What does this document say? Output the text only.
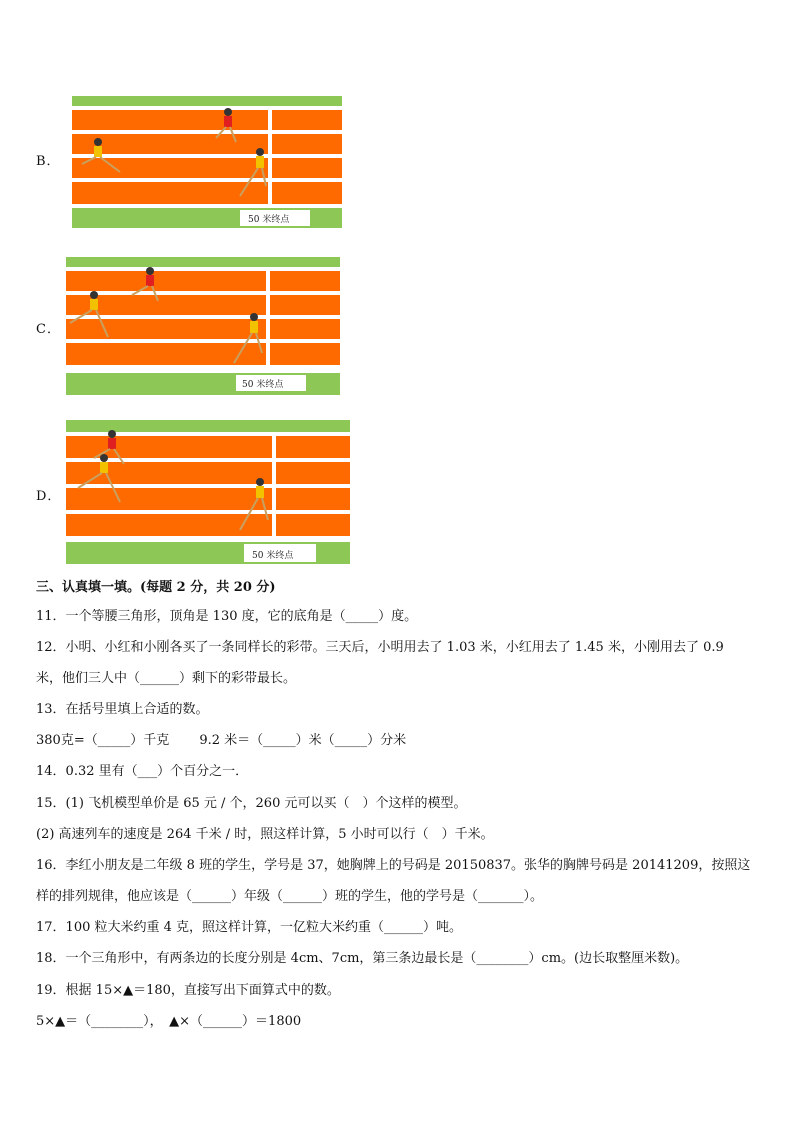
B．
50 米终点
C．
50 米终点
D．
50 米终点
三、认真填一填。(每题 2 分，共 20 分)
11．一个等腰三角形，顶角是 130 度，它的底角是（_____）度。
12．小明、小红和小刚各买了一条同样长的彩带。三天后，小明用去了 1.03 米，小红用去了 1.45 米，小刚用去了 0.9
米，他们三人中（______）剩下的彩带最长。
13．在括号里填上合适的数。
380克=（_____）千克　　 9.2 米＝（_____）米（_____）分米
14．0.32 里有（___）个百分之一．
15．(1) 飞机模型单价是 65 元 / 个，260 元可以买（　）个这样的模型。
(2) 高速列车的速度是 264 千米 / 时，照这样计算，5 小时可以行（　）千米。
16．李红小朋友是二年级 8 班的学生，学号是 37，她胸牌上的号码是 20150837。张华的胸牌号码是 20141209，按照这
样的排列规律，他应该是（______）年级（______）班的学生，他的学号是（_______）。
17．100 粒大米约重 4 克，照这样计算，一亿粒大米约重（______）吨。
18．一个三角形中，有两条边的长度分别是 4cm、7cm，第三条边最长是（________）cm。(边长取整厘米数)。
19．根据 15×▲＝180，直接写出下面算式中的数。
5×▲＝（________），　▲×（______）＝1800
